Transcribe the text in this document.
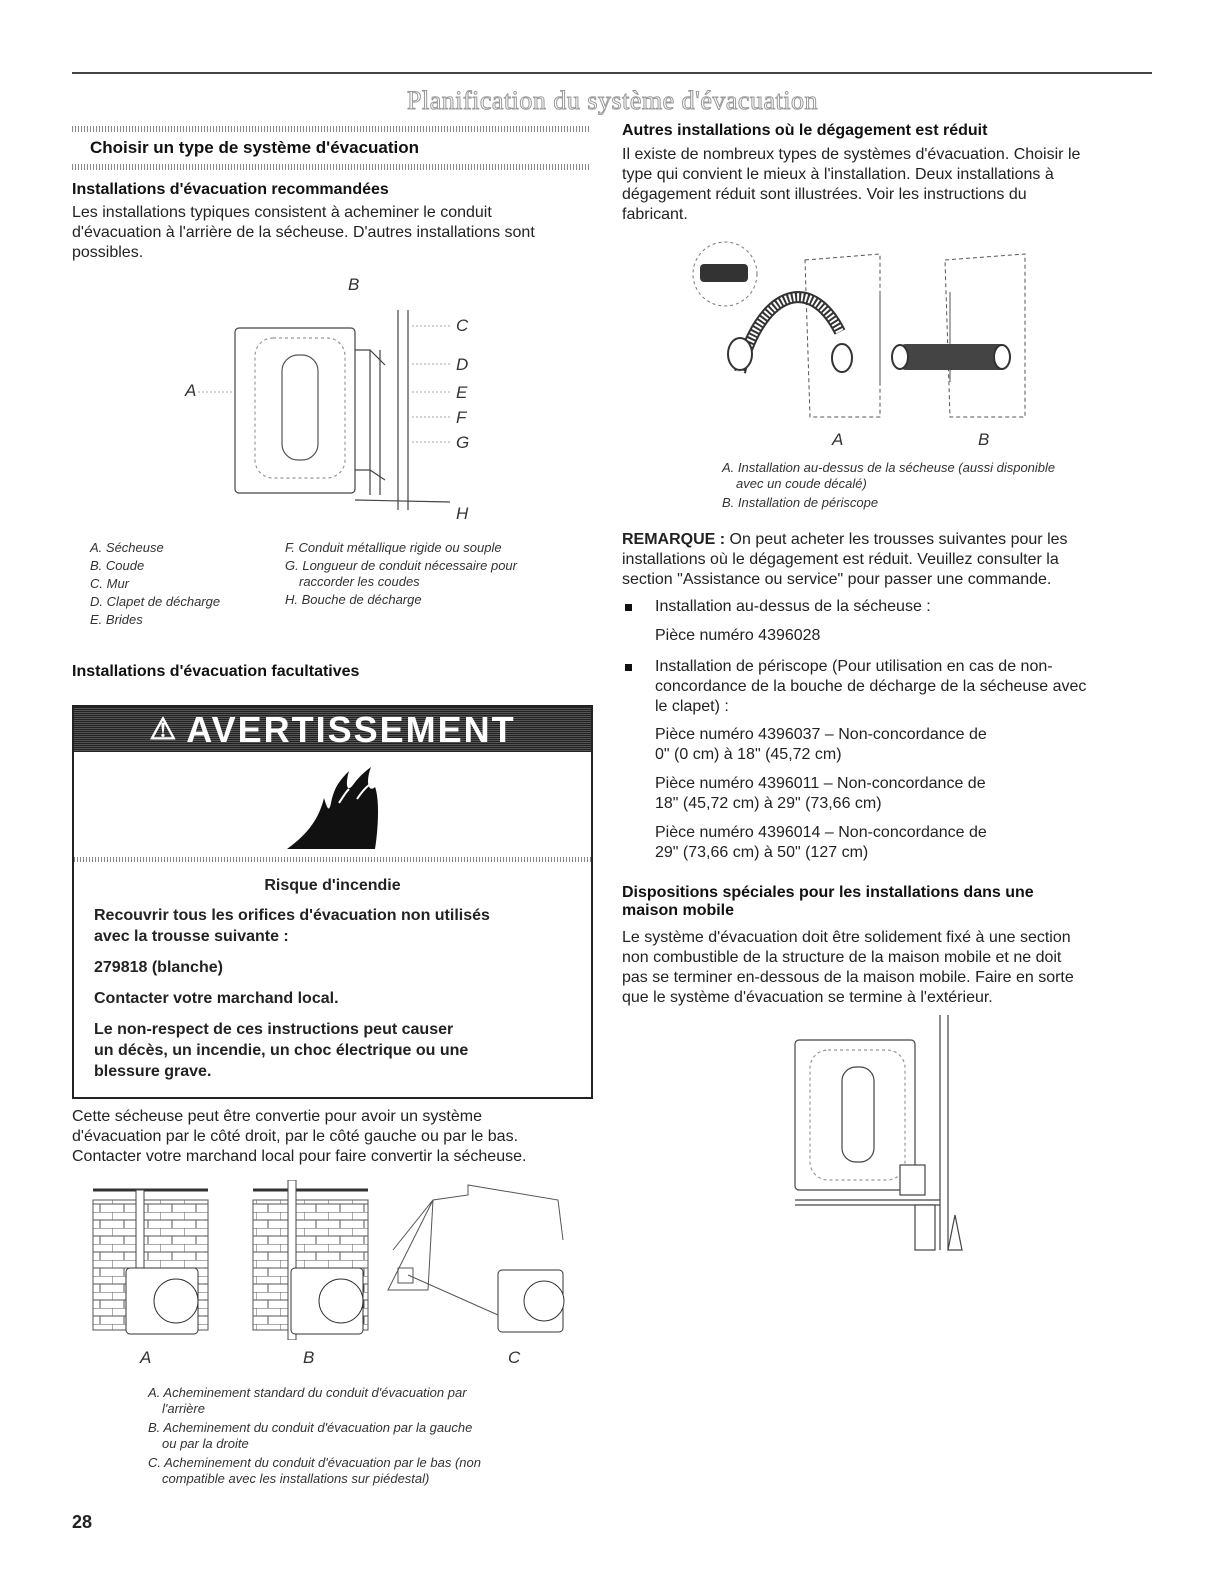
Planification du système d'évacuation
Choisir un type de système d'évacuation
Installations d'évacuation recommandées

Les installations typiques consistent à acheminer le conduit

d'évacuation à l'arrière de la sécheuse. D'autres installations sont

possibles.

B
C
D
A	E
F
G
H

A. Sécheuse

B. Coude

C. Mur

D. Clapet de décharge

E. Brides

F. Conduit métallique rigide ou souple

G. Longueur de conduit nécessaire pour

raccorder les coudes

H. Bouche de décharge

Installations d'évacuation facultatives
⚠ AVERTISSEMENT
Risque d'incendie
Recouvrir tous les orifices d'évacuation non utilisés
avec la trousse suivante :
279818 (blanche)
Contacter votre marchand local.
Le non-respect de ces instructions peut causer
un décès, un incendie, un choc électrique ou une
blessure grave.

Cette sécheuse peut être convertie pour avoir un système

d'évacuation par le côté droit, par le côté gauche ou par le bas.

Contacter votre marchand local pour faire convertir la sécheuse.

A	B	C

A. Acheminement standard du conduit d'évacuation par

l'arrière

B. Acheminement du conduit d'évacuation par la gauche

ou par la droite

C. Acheminement du conduit d'évacuation par le bas (non

compatible avec les installations sur piédestal)

28
Autres installations où le dégagement est réduit

Il existe de nombreux types de systèmes d'évacuation. Choisir le

type qui convient le mieux à l'installation. Deux installations à

dégagement réduit sont illustrées. Voir les instructions du

fabricant.

A	B

A. Installation au-dessus de la sécheuse (aussi disponible

avec un coude décalé)

B. Installation de périscope

REMARQUE : On peut acheter les trousses suivantes pour les

installations où le dégagement est réduit. Veuillez consulter la

section "Assistance ou service" pour passer une commande.

Installation au-dessus de la sécheuse :

Pièce numéro 4396028

Installation de périscope (Pour utilisation en cas de non-

concordance de la bouche de décharge de la sécheuse avec

le clapet) :

Pièce numéro 4396037 – Non-concordance de

0" (0 cm) à 18" (45,72 cm)

Pièce numéro 4396011 – Non-concordance de

18" (45,72 cm) à 29" (73,66 cm)

Pièce numéro 4396014 – Non-concordance de

29" (73,66 cm) à 50" (127 cm)

Dispositions spéciales pour les installations dans une
maison mobile

Le système d'évacuation doit être solidement fixé à une section

non combustible de la structure de la maison mobile et ne doit

pas se terminer en-dessous de la maison mobile. Faire en sorte

que le système d'évacuation se termine à l'extérieur.
